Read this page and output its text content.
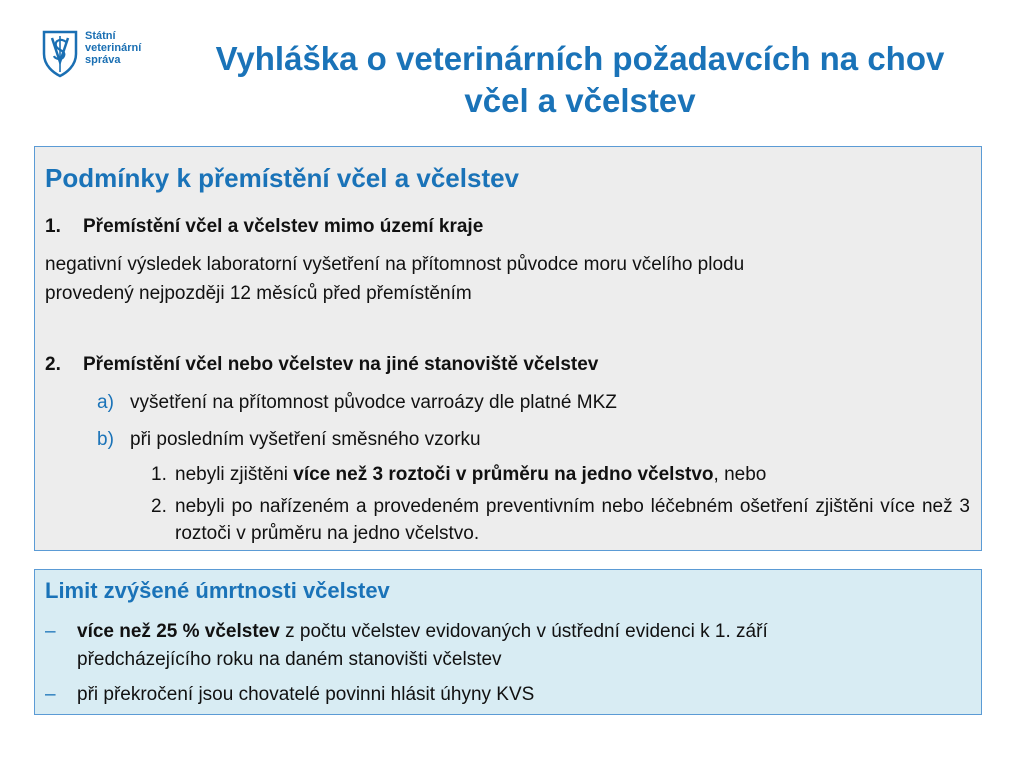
Státní
veterinární
správa	Vyhláška o veterinárních požadavcích na chov
včel a včelstev
Podmínky k přemístění včel a včelstev
1. Přemístění včel a včelstev mimo území kraje
negativní výsledek laboratorní vyšetření na přítomnost původce moru včelího plodu
provedený nejpozději 12 měsíců před přemístěním
2. Přemístění včel nebo včelstev na jiné stanoviště včelstev
a) vyšetření na přítomnost původce varroázy dle platné MKZ
b) při posledním vyšetření směsného vzorku
1. nebyli zjištěni více než 3 roztoči v průměru na jedno včelstvo, nebo
2. nebyli po nařízeném a provedeném preventivním nebo léčebném ošetření zjištěni více než 3 roztoči v průměru na jedno včelstvo.
Limit zvýšené úmrtnosti včelstev
– více než 25 % včelstev z počtu včelstev evidovaných v ústřední evidenci k 1. září
předcházejícího roku na daném stanovišti včelstev
– při překročení jsou chovatelé povinni hlásit úhyny KVS
